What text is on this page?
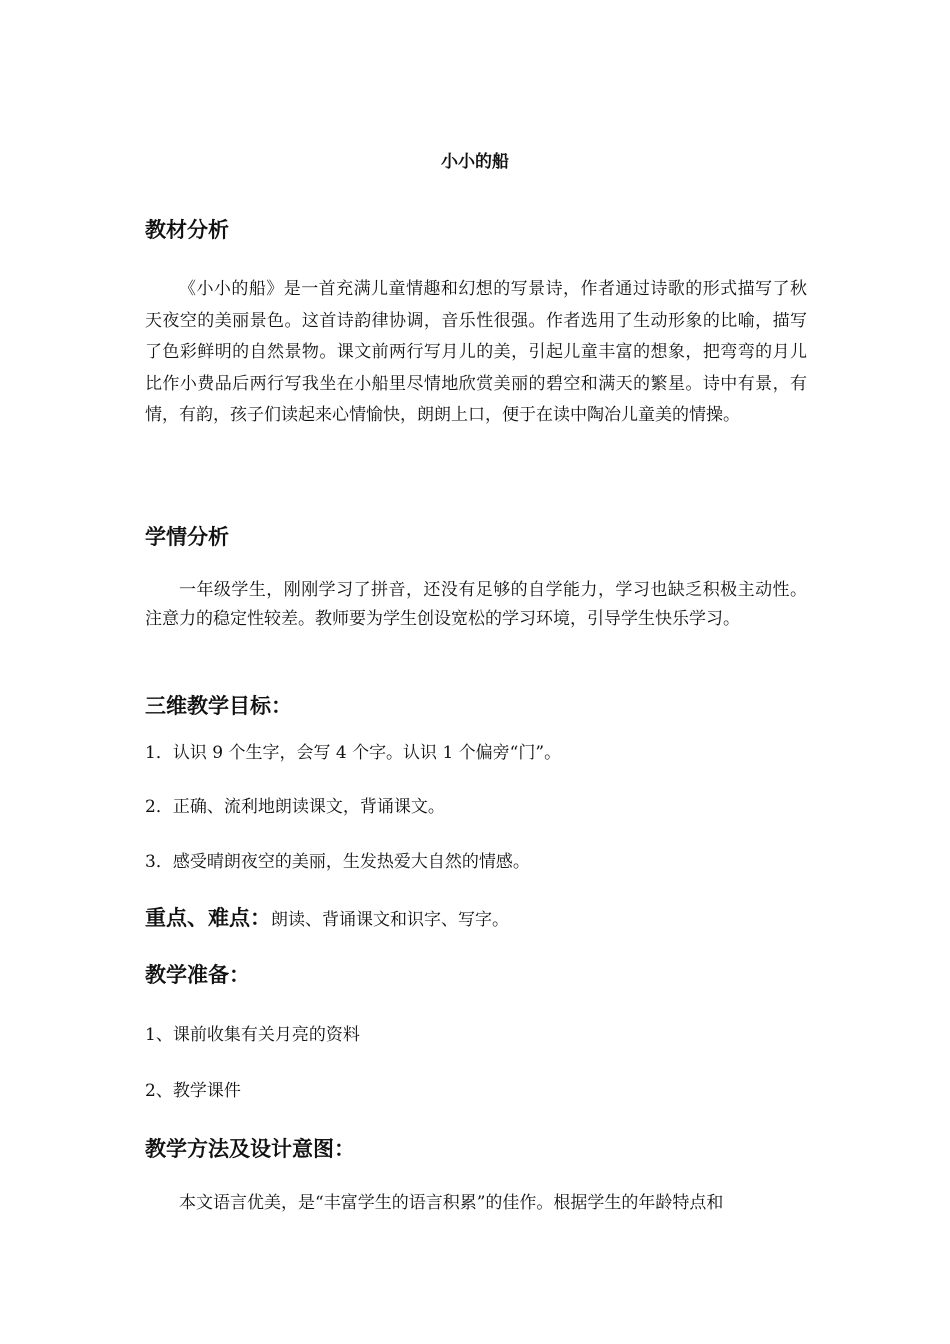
小小的船
教材分析

《小小的船》是一首充满儿童情趣和幻想的写景诗，作者通过诗歌的形式描写了秋天夜空的美丽景色。这首诗韵律协调，音乐性很强。作者选用了生动形象的比喻，描写了色彩鲜明的自然景物。课文前两行写月儿的美，引起儿童丰富的想象，把弯弯的月儿比作小费品后两行写我坐在小船里尽情地欣赏美丽的碧空和满天的繁星。诗中有景，有情，有韵，孩子们读起来心情愉快，朗朗上口，便于在读中陶冶儿童美的情操。

学情分析

一年级学生，刚刚学习了拼音，还没有足够的自学能力，学习也缺乏积极主动性。注意力的稳定性较差。教师要为学生创设宽松的学习环境，引导学生快乐学习。

三维教学目标：
1．认识 9 个生字，会写 4 个字。认识 1 个偏旁“门”。
2．正确、流利地朗读课文，背诵课文。
3．感受晴朗夜空的美丽，生发热爱大自然的情感。
重点、难点：朗读、背诵课文和识字、写字。
教学准备：
1、课前收集有关月亮的资料
2、教学课件
教学方法及设计意图：

本文语言优美，是“丰富学生的语言积累”的佳作。根据学生的年龄特点和
